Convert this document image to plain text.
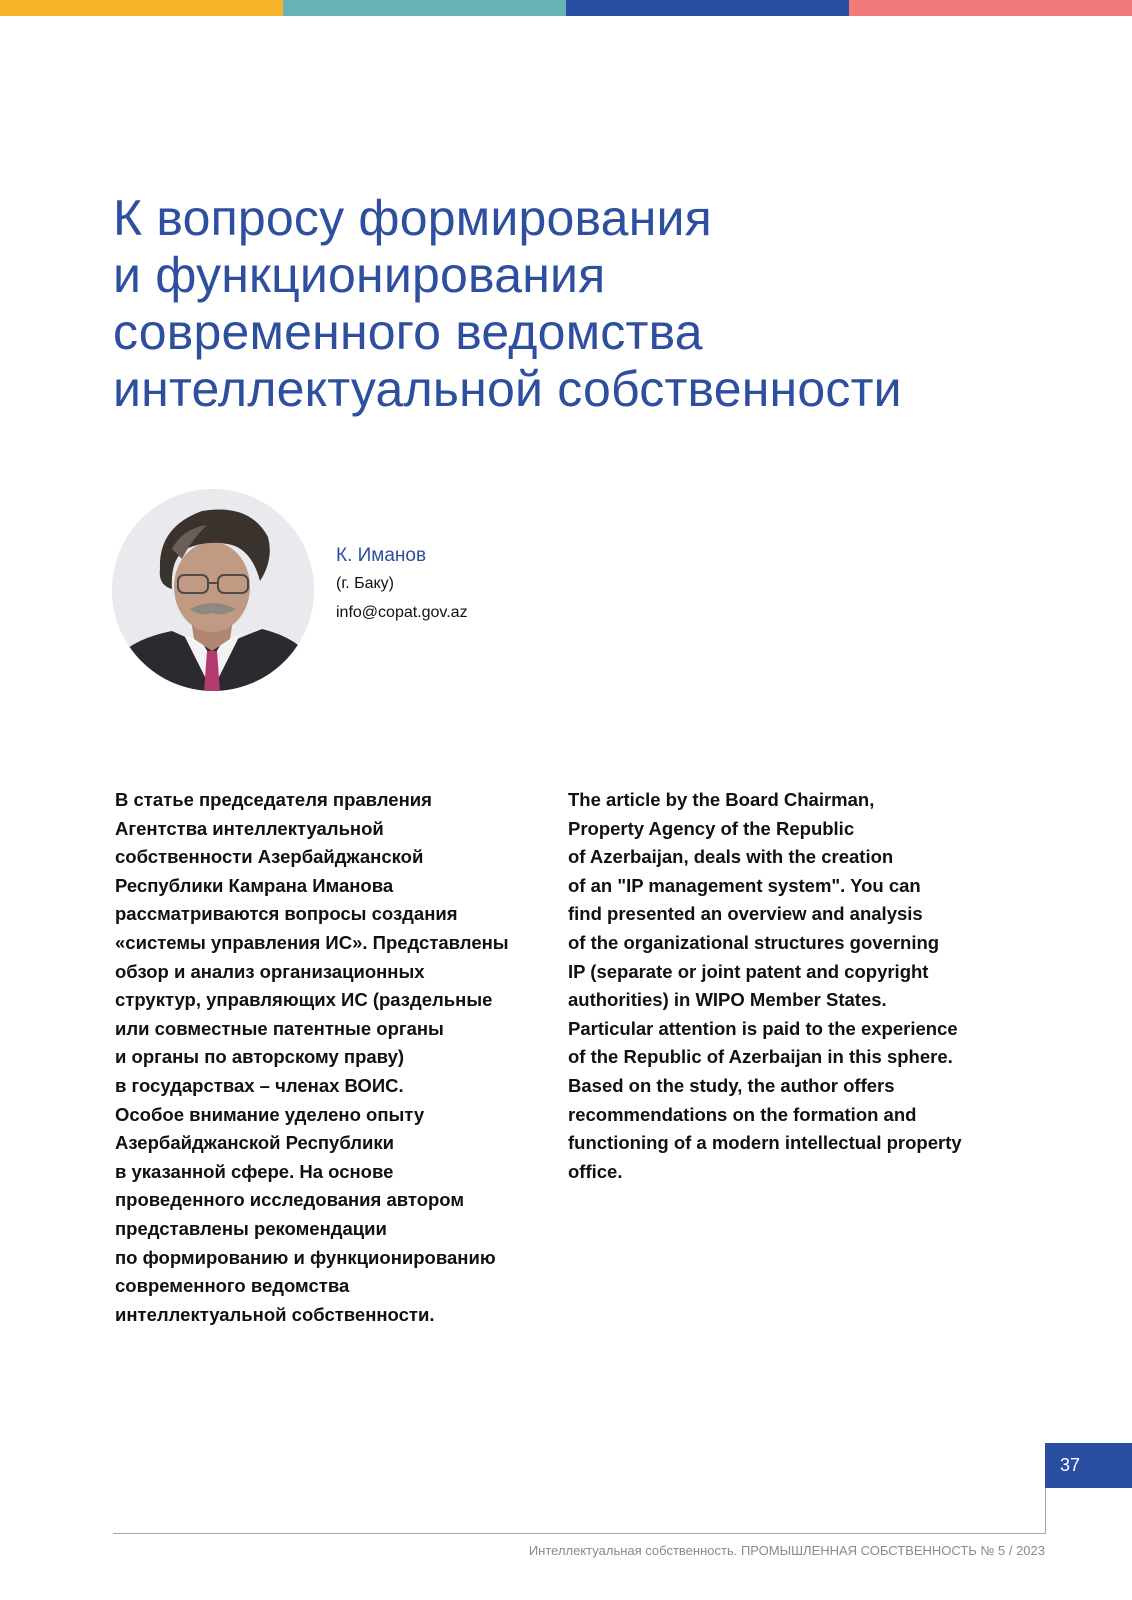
К вопросу формирования
и функционирования
современного ведомства
интеллектуальной собственности
К. Иманов
(г. Баку)
info@copat.gov.az
В статье председателя правления
Агентства интеллектуальной
собственности Азербайджанской
Республики Камрана Иманова
рассматриваются вопросы создания
«системы управления ИС». Представлены
обзор и анализ организационных
структур, управляющих ИС (раздельные
или совместные патентные органы
и органы по авторскому праву)
в государствах – членах ВОИС.
Особое внимание уделено опыту
Азербайджанской Республики
в указанной сфере. На основе
проведенного исследования автором
представлены рекомендации
по формированию и функционированию
современного ведомства
интеллектуальной собственности.
The article by the Board Chairman,
Property Agency of the Republic
of Azerbaijan, deals with the creation
of an "IP management system". You can
find presented an overview and analysis
of the organizational structures governing
IP (separate or joint patent and copyright
authorities) in WIPO Member States.
Particular attention is paid to the experience
of the Republic of Azerbaijan in this sphere.
Based on the study, the author offers
recommendations on the formation and
functioning of a modern intellectual property
office.
37
Интеллектуальная собственность. ПРОМЫШЛЕННАЯ СОБСТВЕННОСТЬ № 5 / 2023
